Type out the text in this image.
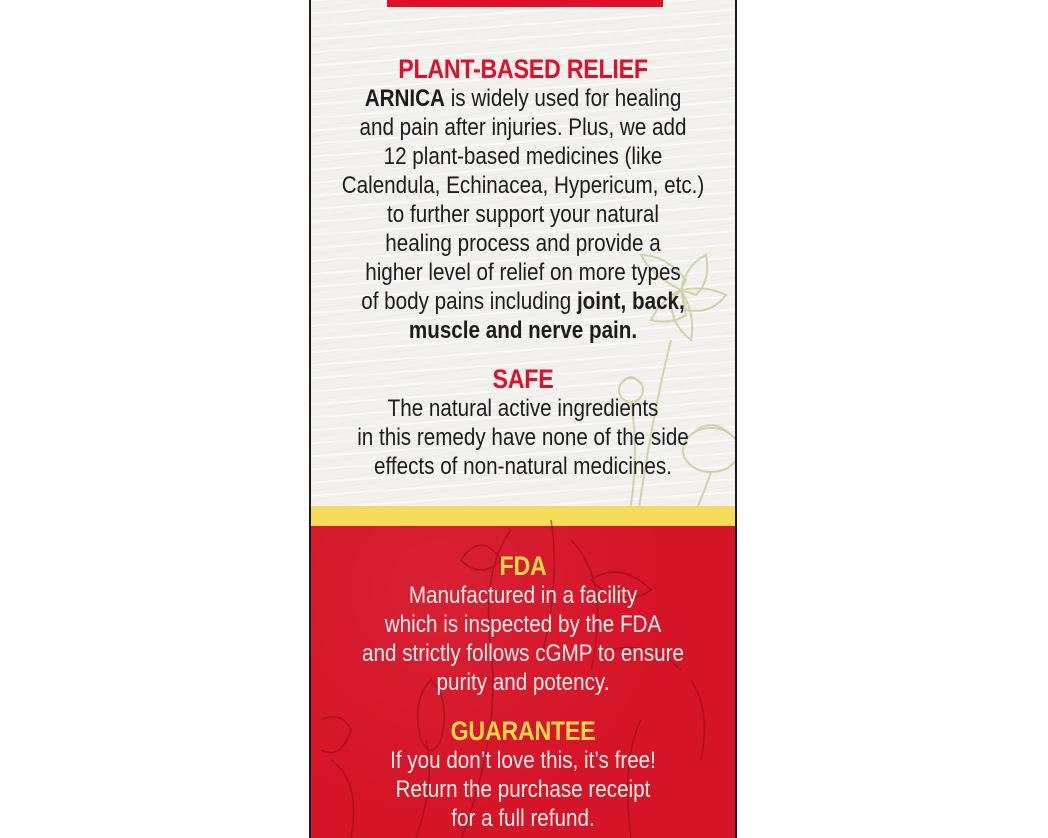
PLANT-BASED RELIEF
ARNICA is widely used for healing
and pain after injuries. Plus, we add
12 plant-based medicines (like
Calendula, Echinacea, Hypericum, etc.)
to further support your natural
healing process and provide a
higher level of relief on more types
of body pains including joint, back,
muscle and nerve pain.
SAFE
The natural active ingredients
in this remedy have none of the side
effects of non-natural medicines.
FDA
Manufactured in a facility
which is inspected by the FDA
and strictly follows cGMP to ensure
purity and potency.
GUARANTEE
If you don’t love this, it’s free!
Return the purchase receipt
for a full refund.
